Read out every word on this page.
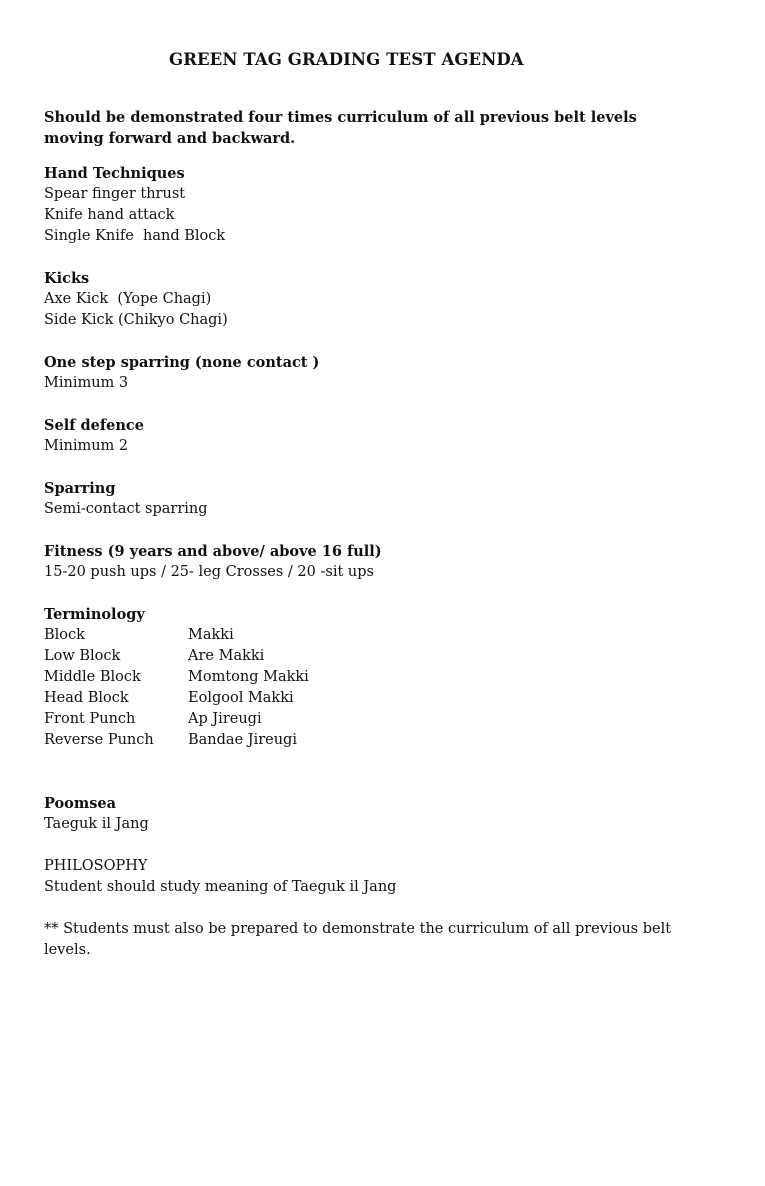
GREEN TAG GRADING TEST AGENDA

Should be demonstrated four times curriculum of all previous belt levels moving forward and backward.

Hand Techniques

Spear finger thrust

Knife hand attack

Single Knife  hand Block

Kicks

Axe Kick  (Yope Chagi)

Side Kick (Chikyo Chagi)

One step sparring (none contact )

Minimum 3

Self defence

Minimum 2

Sparring

Semi-contact sparring

Fitness (9 years and above/ above 16 full)

15-20 push ups / 25- leg Crosses / 20 -sit ups

Terminology

Block	Makki
Low Block	Are Makki
Middle Block	Momtong Makki
Head Block	Eolgool Makki
Front Punch	Ap Jireugi
Reverse Punch	Bandae Jireugi

Poomsea

Taeguk il Jang

PHILOSOPHY

Student should study meaning of Taeguk il Jang

** Students must also be prepared to demonstrate the curriculum of all previous belt levels.
